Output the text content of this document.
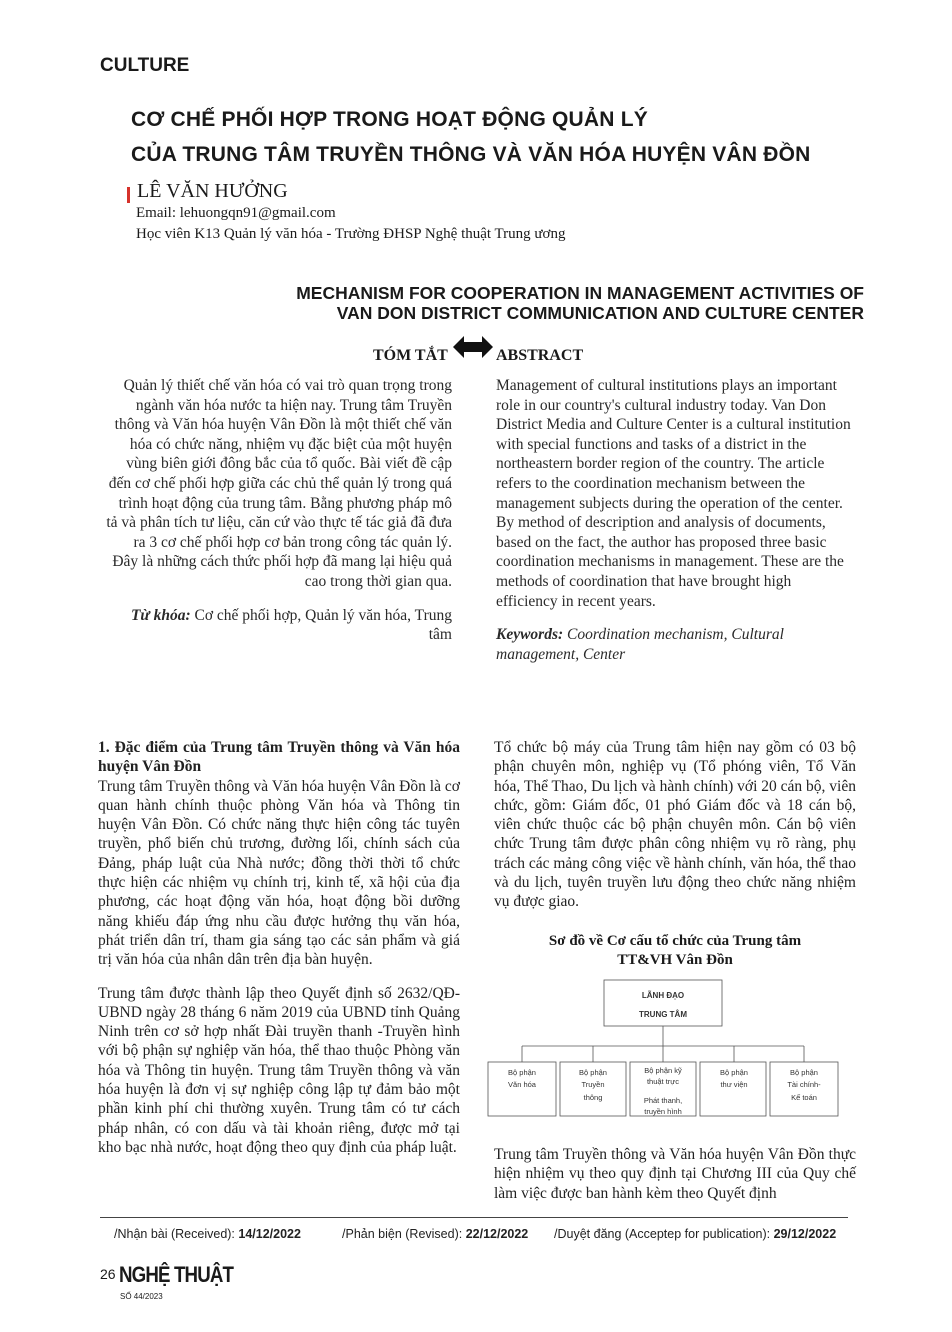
CULTURE
CƠ CHẾ PHỐI HỢP TRONG HOẠT ĐỘNG QUẢN LÝ
CỦA TRUNG TÂM TRUYỀN THÔNG VÀ VĂN HÓA HUYỆN VÂN ĐỒN
LÊ VĂN HƯỞNG
Email: lehuongqn91@gmail.com
Học viên K13 Quản lý văn hóa - Trường ĐHSP Nghệ thuật Trung ương
MECHANISM FOR COOPERATION IN MANAGEMENT ACTIVITIES OF
VAN DON DISTRICT COMMUNICATION AND CULTURE CENTER
TÓM TẮT	ABSTRACT

Quản lý thiết chế văn hóa có vai trò quan trọng trong ngành văn hóa nước ta hiện nay. Trung tâm Truyền thông và Văn hóa huyện Vân Đồn là một thiết chế văn hóa có chức năng, nhiệm vụ đặc biệt của một huyện vùng biên giới đông bắc của tổ quốc. Bài viết đề cập đến cơ chế phối hợp giữa các chủ thể quản lý trong quá trình hoạt động của trung tâm. Bằng phương pháp mô tả và phân tích tư liệu, căn cứ vào thực tế tác giả đã đưa ra 3 cơ chế phối hợp cơ bản trong công tác quản lý. Đây là những cách thức phối hợp đã mang lại hiệu quả cao trong thời gian qua.

Từ khóa: Cơ chế phối hợp, Quản lý văn hóa, Trung tâm

Management of cultural institutions plays an important role in our country's cultural industry today. Van Don District Media and Culture Center is a cultural institution with special functions and tasks of a district in the northeastern border region of the country. The article refers to the coordination mechanism between the management subjects during the operation of the center. By method of description and analysis of documents, based on the fact, the author has proposed three basic coordination mechanisms in management. These are the methods of coordination that have brought high efficiency in recent years.

Keywords: Coordination mechanism, Cultural management, Center

1. Đặc điểm của Trung tâm Truyền thông và Văn hóa huyện Vân Đồn

Trung tâm Truyền thông và Văn hóa huyện Vân Đồn là cơ quan hành chính thuộc phòng Văn hóa và Thông tin huyện Vân Đồn. Có chức năng thực hiện công tác tuyên truyền, phổ biến chủ trương, đường lối, chính sách của Đảng, pháp luật của Nhà nước; đồng thời thời tổ chức thực hiện các nhiệm vụ chính trị, kinh tế, xã hội của địa phương, các hoạt động văn hóa, hoạt động bồi dưỡng năng khiếu đáp ứng nhu cầu được hưởng thụ văn hóa, phát triển dân trí, tham gia sáng tạo các sản phẩm và giá trị văn hóa của nhân dân trên địa bàn huyện.

Trung tâm được thành lập theo Quyết định số 2632/QĐ-UBND ngày 28 tháng 6 năm 2019 của UBND tỉnh Quảng Ninh trên cơ sở hợp nhất Đài truyền thanh -Truyền hình với bộ phận sự nghiệp văn hóa, thể thao thuộc Phòng văn hóa và Thông tin huyện. Trung tâm Truyền thông và văn hóa huyện là đơn vị sự nghiệp công lập tự đảm bảo một phần kinh phí chi thường xuyên. Trung tâm có tư cách pháp nhân, có con dấu và tài khoản riêng, được mở tại kho bạc nhà nước, hoạt động theo quy định của pháp luật.

Tổ chức bộ máy của Trung tâm hiện nay gồm có 03 bộ phận chuyên môn, nghiệp vụ (Tổ phóng viên, Tổ Văn hóa, Thể Thao, Du lịch và hành chính) với 20 cán bộ, viên chức, gồm: Giám đốc, 01 phó Giám đốc và 18 cán bộ, viên chức thuộc các bộ phận chuyên môn. Cán bộ viên chức Trung tâm được phân công nhiệm vụ rõ ràng, phụ trách các mảng công việc về hành chính, văn hóa, thể thao và du lịch, tuyên truyền lưu động theo chức năng nhiệm vụ được giao.

Sơ đồ về Cơ cấu tổ chức của Trung tâm
TT&VH Vân Đồn
LÃNH ĐẠO
TRUNG TÂM
Bộ phận
Văn hóa
Bộ phận
Truyền
thông
Bộ phận kỹ
thuật trực
Phát thanh,
truyền hình
Bộ phận
thư viện
Bộ phận
Tài chính-
Kế toán

Trung tâm Truyền thông và Văn hóa huyện Vân Đồn thực hiện nhiệm vụ theo quy định tại Chương III của Quy chế làm việc được ban hành kèm theo Quyết định

/Nhận bài (Received): 14/12/2022	/Phản biện (Revised): 22/12/2022 /Duyệt đăng (Acceptep for publication): 29/12/2022
26 NGHỆ THUẬT
SỐ 44/2023
